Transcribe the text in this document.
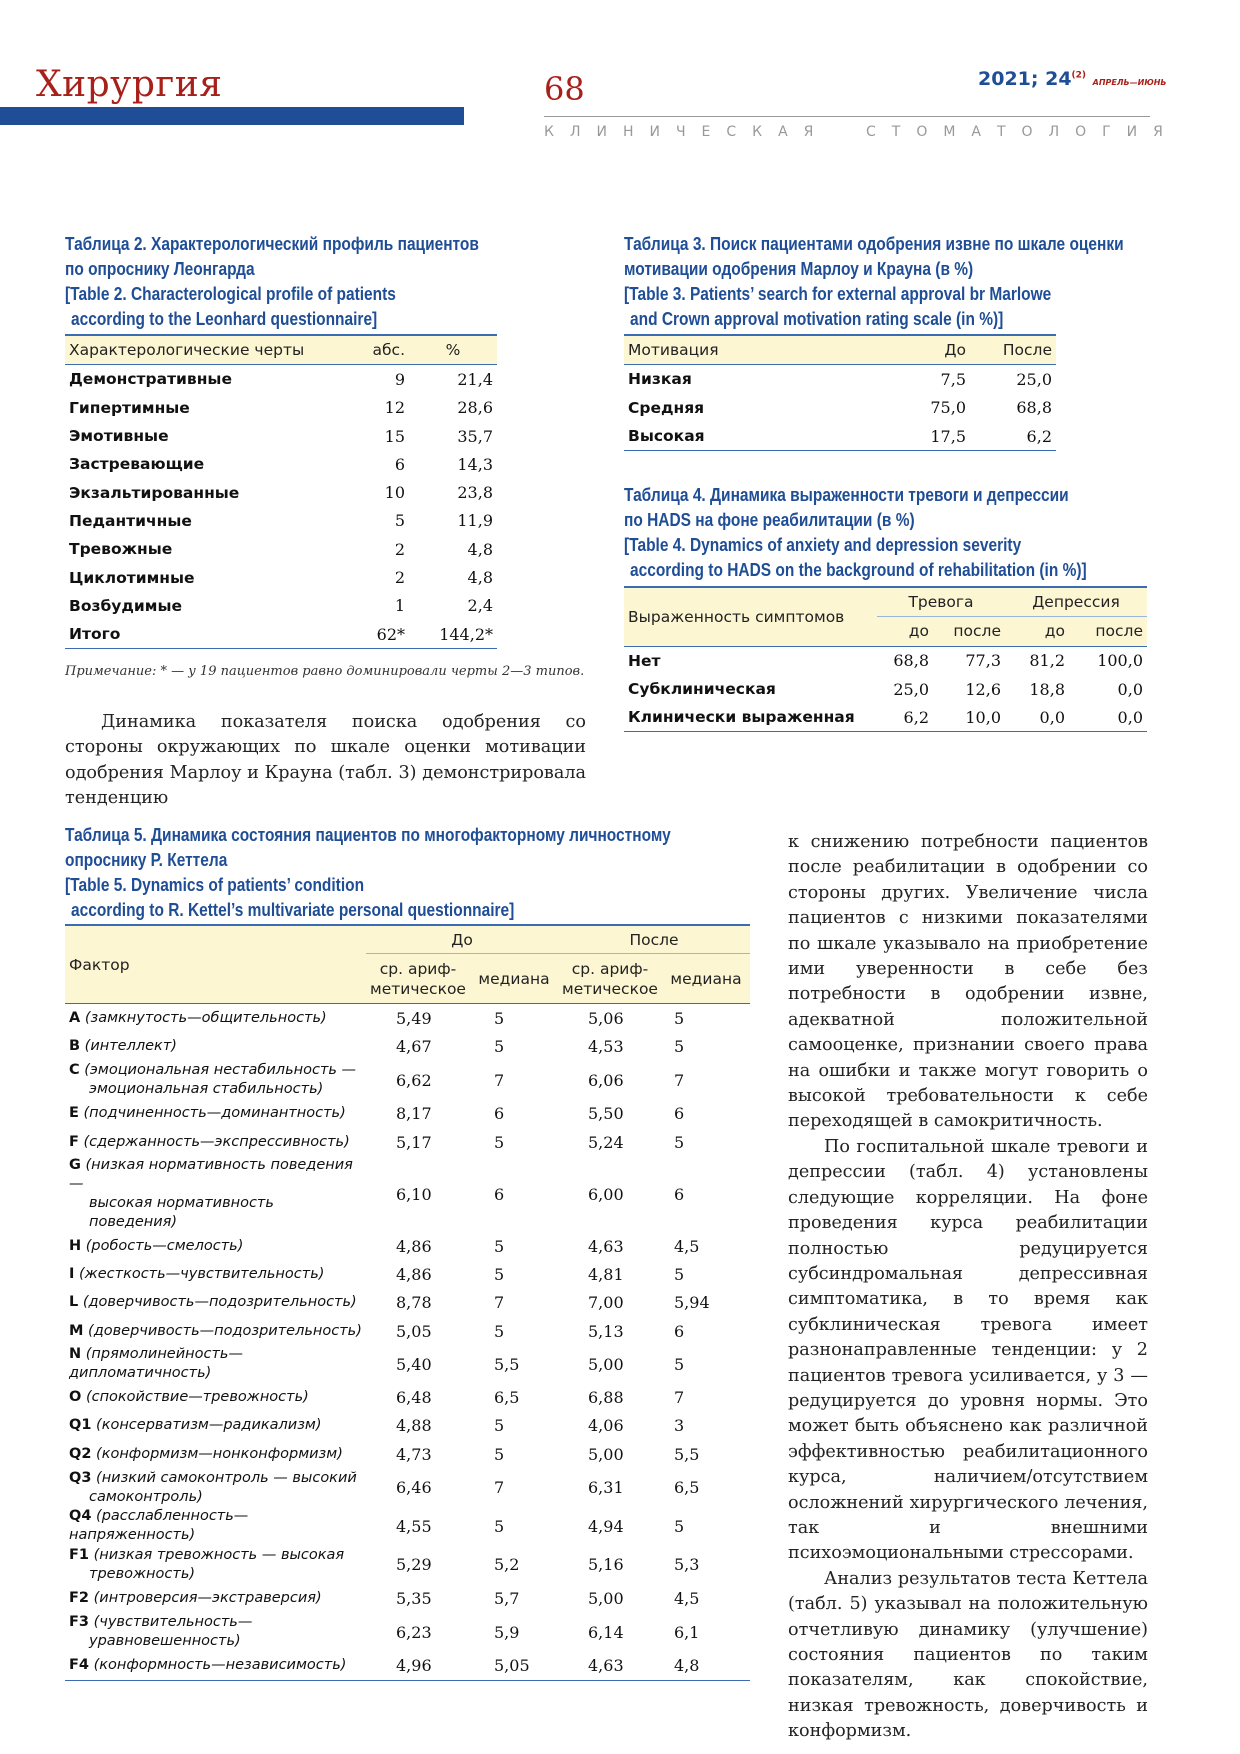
Хирургия	68	2021; 24$^{(2)}$ АПРЕЛЬ—ИЮНЬ
КЛИНИЧЕСКАЯ	СТОМАТОЛОГИЯ
Таблица 2. Характерологический профиль пациентов
по опроснику Леонгарда
[Table 2. Characterological profile of patients
according to the Leonhard questionnaire]
Характерологические черты	абс.	%
Демонстративные	9	21,4
Гипертимные	12	28,6
Эмотивные	15	35,7
Застревающие	6	14,3
Экзальтированные	10	23,8
Педантичные	5	11,9
Тревожные	2	4,8
Циклотимные	2	4,8
Возбудимые	1	2,4
Итого	62*	144,2*
Примечание: * — у 19 пациентов равно доминировали черты 2—3 типов.
Таблица 3. Поиск пациентами одобрения извне по шкале оценки
мотивации одобрения Марлоу и Крауна (в %)
[Table 3. Patients’ search for external approval br Marlowe
and Crown approval motivation rating scale (in %)]
Мотивация	До	После
Низкая	7,5	25,0
Средняя	75,0	68,8
Высокая	17,5	6,2
Таблица 4. Динамика выраженности тревоги и депрессии
по HADS на фоне реабилитации (в %)
[Table 4. Dynamics of anxiety and depression severity
according to HADS on the background of rehabilitation (in %)]
Выраженность симптомов	Тревога		Депрессия	
	до	после	до	после
Нет	68,8	77,3	81,2	100,0
Субклиническая	25,0	12,6	18,8	0,0
Клинически выраженная	6,2	10,0	0,0	0,0

Динамика показателя поиска одобрения со стороны окружающих по шкале оценки мотивации одобрения Марлоу и Крауна (табл. 3) демонстрировала тенденцию

Таблица 5. Динамика состояния пациентов по многофакторному личностному
опроснику Р. Кеттела
[Table 5. Dynamics of patients’ condition
according to R. Kettel’s multivariate personal questionnaire]
Фактор	До		После	
	ср. ариф-метическое	медиана	ср. ариф-метическое	медиана
A (замкнутость—общительность)	5,49	5	5,06	5
B (интеллект)	4,67	5	4,53	5
C (эмоциональная нестабильность —
эмоциональная стабильность)	6,62	7	6,06	7
E (подчиненность—доминантность)	8,17	6	5,50	6
F (сдержанность—экспрессивность)	5,17	5	5,24	5
G (низкая нормативность поведения —
высокая нормативность поведения)	6,10	6	6,00	6
H (робость—смелость)	4,86	5	4,63	4,5
I (жесткость—чувствительность)	4,86	5	4,81	5
L (доверчивость—подозрительность)	8,78	7	7,00	5,94
M (доверчивость—подозрительность)	5,05	5	5,13	6
N (прямолинейность—дипломатичность)	5,40	5,5	5,00	5
O (спокойствие—тревожность)	6,48	6,5	6,88	7
Q1 (консерватизм—радикализм)	4,88	5	4,06	3
Q2 (конформизм—нонконформизм)	4,73	5	5,00	5,5
Q3 (низкий самоконтроль — высокий
самоконтроль)	6,46	7	6,31	6,5
Q4 (расслабленность—напряженность)	4,55	5	4,94	5
F1 (низкая тревожность — высокая
тревожность)	5,29	5,2	5,16	5,3
F2 (интроверсия—экстраверсия)	5,35	5,7	5,00	4,5
F3 (чувствительность—
уравновешенность)	6,23	5,9	6,14	6,1
F4 (конформность—независимость)	4,96	5,05	4,63	4,8

к снижению потребности пациентов после реабилитации в одобрении со стороны других. Увеличение числа пациентов с низкими показателями по шкале указывало на приобретение ими уверенности в себе без потребности в одобрении извне, адекватной положительной самооценке, признании своего права на ошибки и также могут говорить о высокой требовательности к себе переходящей в самокритичность.

По госпитальной шкале тревоги и депрессии (табл. 4) установлены следующие корреляции. На фоне проведения курса реабилитации полностью редуцируется субсиндромальная депрессивная симптоматика, в то время как субклиническая тревога имеет разнонаправленные тенденции: у 2 пациентов тревога усиливается, у 3 — редуцируется до уровня нормы. Это может быть объяснено как различной эффективностью реабилитационного курса, наличием/отсутствием осложнений хирургического лечения, так и внешними психоэмоциональными стрессорами.

Анализ результатов теста Кеттела (табл. 5) указывал на положительную отчетливую динамику (улучшение) состояния пациентов по таким показателям, как спокойствие, низкая тревожность, доверчивость и конформизм.
